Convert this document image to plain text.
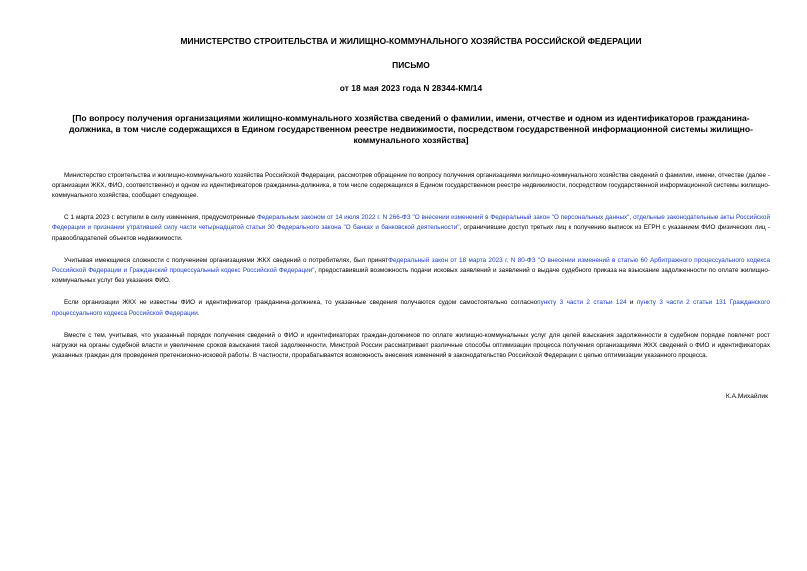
МИНИСТЕРСТВО СТРОИТЕЛЬСТВА И ЖИЛИЩНО-КОММУНАЛЬНОГО ХОЗЯЙСТВА РОССИЙСКОЙ ФЕДЕРАЦИИ
ПИСЬМО
от 18 мая 2023 года N 28344-КМ/14
[По вопросу получения организациями жилищно-коммунального хозяйства сведений о фамилии, имени, отчестве и одном из идентификаторов гражданина-должника, в том числе содержащихся в Едином государственном реестре недвижимости, посредством государственной информационной системы жилищно-коммунального хозяйства]

Министерство строительства и жилищно-коммунального хозяйства Российской Федерации, рассмотрев обращение по вопросу получения организациями жилищно-коммунального хозяйства сведений о фамилии, имени, отчестве (далее - организации ЖКХ, ФИО, соответственно) и одном из идентификаторов гражданина-должника, в том числе содержащихся в Едином государственном реестре недвижимости, посредством государственной информационной системы жилищно-коммунального хозяйства, сообщает следующее.

С 1 марта 2023 г. вступили в силу изменения, предусмотренные Федеральным законом от 14 июля 2022 г. N 266-ФЗ "О внесении изменений в Федеральный закон "О персональных данных", отдельные законодательные акты Российской Федерации и признании утратившей силу части четырнадцатой статьи 30 Федерального закона "О банках и банковской деятельности", ограничившие доступ третьих лиц к получению выписок из ЕГРН с указанием ФИО физических лиц - правообладателей объектов недвижимости.

Учитывая имеющиеся сложности с получением организациями ЖКХ сведений о потребителях, был принятФедеральный закон от 18 марта 2023 г. N 80-ФЗ "О внесении изменений в статью 60 Арбитражного процессуального кодекса Российской Федерации и Гражданский процессуальный кодекс Российской Федерации", предоставивший возможность подачи исковых заявлений и заявлений о выдаче судебного приказа на взыскание задолженности по оплате жилищно-коммунальных услуг без указания ФИО.

Если организации ЖКХ не известны ФИО и идентификатор гражданина-должника, то указанные сведения получаются судом самостоятельно согласнопункту 3 части 2 статьи 124 и пункту 3 части 2 статьи 131 Гражданского процессуального кодекса Российской Федерации.

Вместе с тем, учитывая, что указанный порядок получения сведений о ФИО и идентификаторах граждан-должников по оплате жилищно-коммунальных услуг для целей взыскания задолженности в судебном порядке повлечет рост нагрузки на органы судебной власти и увеличение сроков взыскания такой задолженности, Минстрой России рассматривает различные способы оптимизации процесса получения организациями ЖКХ сведений о ФИО и идентификаторах указанных граждан для проведения претензионно-исковой работы. В частности, прорабатывается возможность внесения изменений в законодательство Российской Федерации с целью оптимизации указанного процесса.

К.А.Михайлик
